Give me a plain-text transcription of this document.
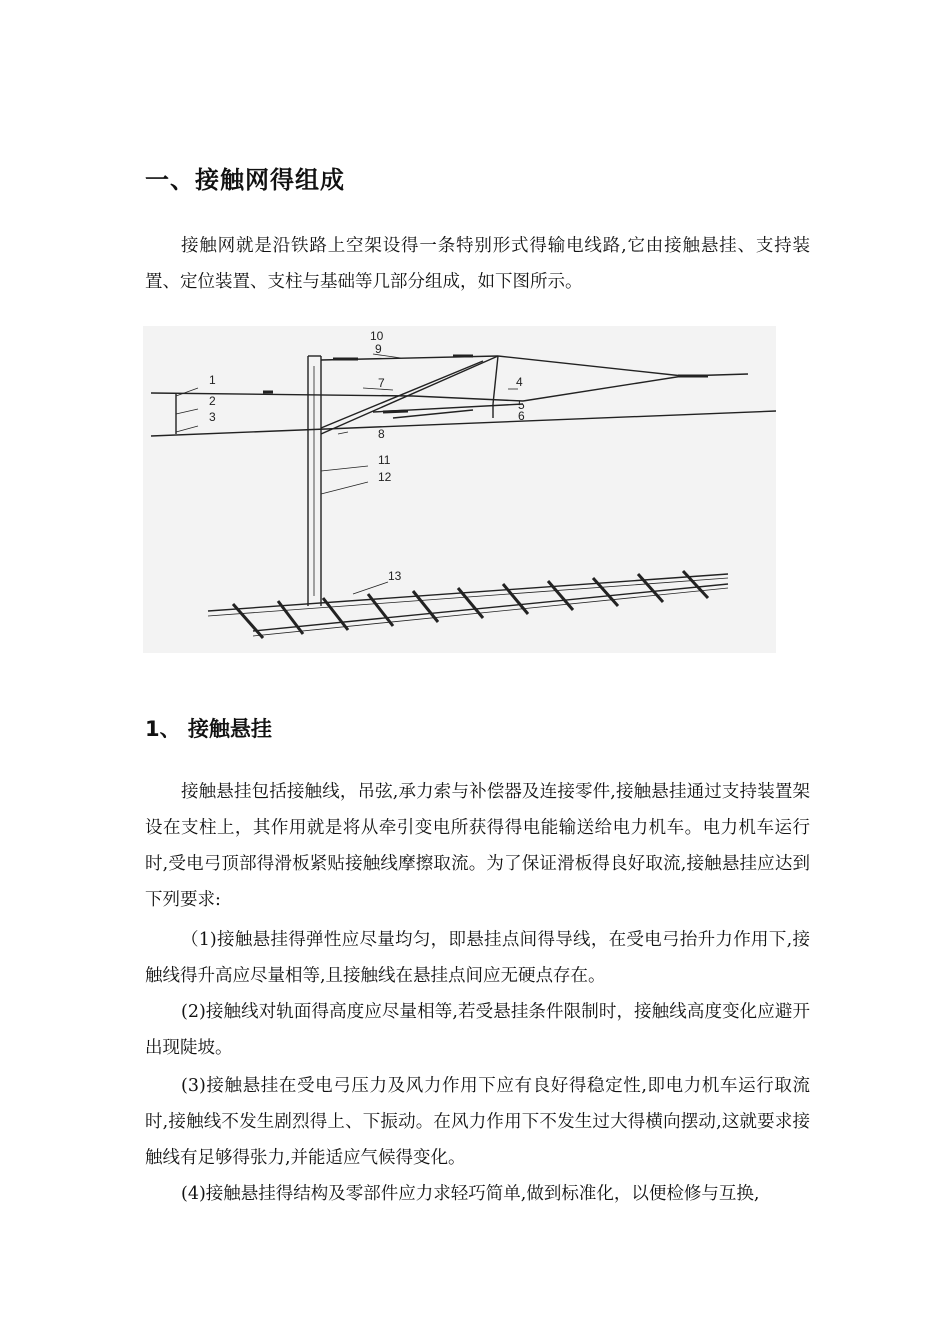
一、接触网得组成
接触网就是沿铁路上空架设得一条特别形式得输电线路,它由接触悬挂、支持装置、定位装置、支柱与基础等几部分组成，如下图所示。
10
9
1
2
3
7	4
5
6
8
11
12
13
1、 接触悬挂
接触悬挂包括接触线，吊弦,承力索与补偿器及连接零件,接触悬挂通过支持装置架设在支柱上，其作用就是将从牵引变电所获得得电能输送给电力机车。电力机车运行时,受电弓顶部得滑板紧贴接触线摩擦取流。为了保证滑板得良好取流,接触悬挂应达到下列要求:
（1)接触悬挂得弹性应尽量均匀，即悬挂点间得导线，在受电弓抬升力作用下,接触线得升高应尽量相等,且接触线在悬挂点间应无硬点存在。
(2)接触线对轨面得高度应尽量相等,若受悬挂条件限制时，接触线高度变化应避开出现陡坡。
(3)接触悬挂在受电弓压力及风力作用下应有良好得稳定性,即电力机车运行取流时,接触线不发生剧烈得上、下振动。在风力作用下不发生过大得横向摆动,这就要求接触线有足够得张力,并能适应气候得变化。
(4)接触悬挂得结构及零部件应力求轻巧简单,做到标准化，以便检修与互换,
